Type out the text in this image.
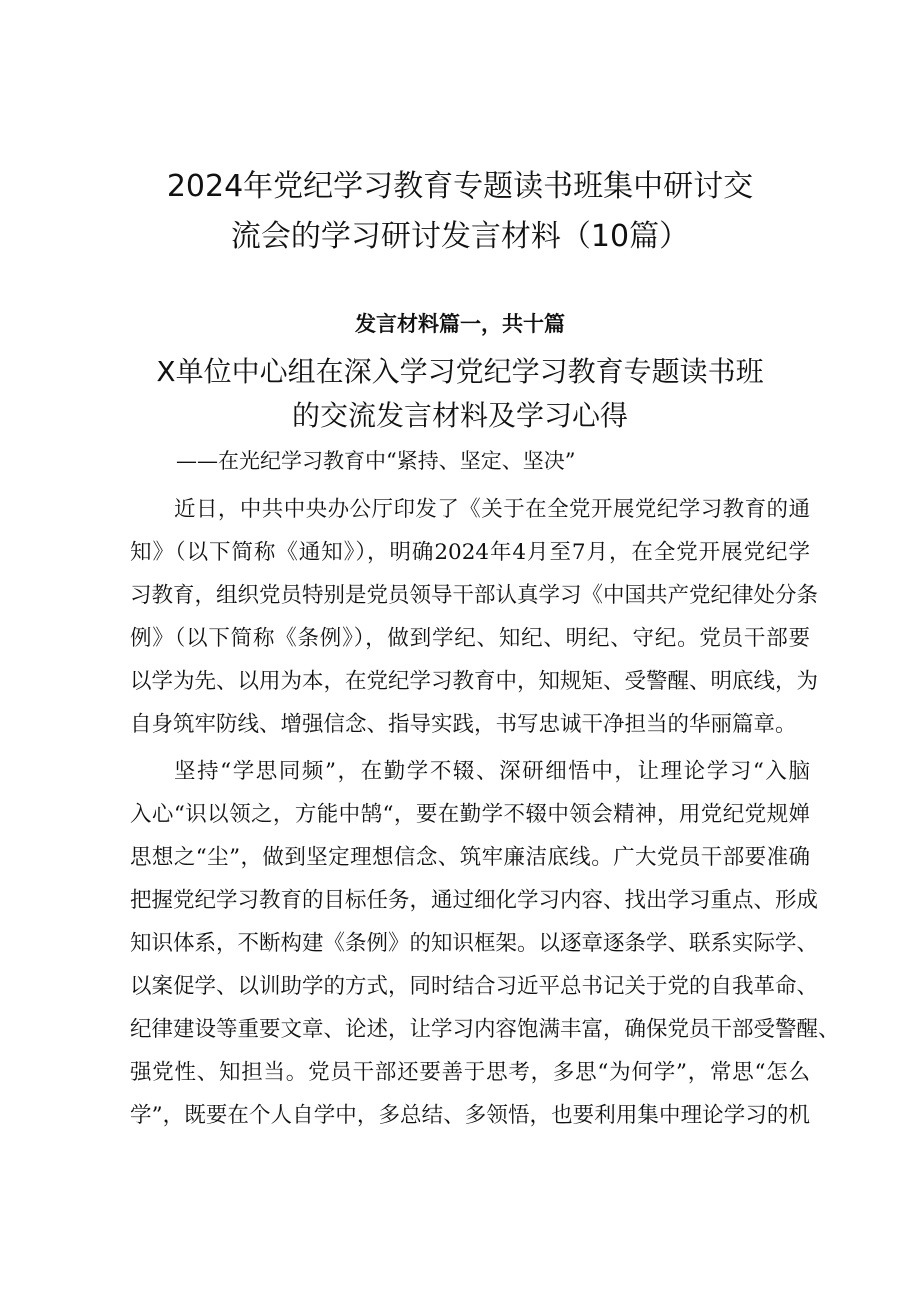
2024年党纪学习教育专题读书班集中研讨交
流会的学习研讨发言材料（10篇）
发言材料篇一，共十篇
X单位中心组在深入学习党纪学习教育专题读书班
的交流发言材料及学习心得
——在光纪学习教育中“紧持、坚定、坚决”
近日，中共中央办公厅印发了《关于在全党开展党纪学习教育的通
知》（以下简称《通知》），明确2024年4月至7月，在全党开展党纪学
习教育，组织党员特别是党员领导干部认真学习《中国共产党纪律处分条
例》（以下简称《条例》），做到学纪、知纪、明纪、守纪。党员干部要
以学为先、以用为本，在党纪学习教育中，知规矩、受警醒、明底线，为
自身筑牢防线、增强信念、指导实践，书写忠诚干净担当的华丽篇章。
坚持“学思同频”，在勤学不辍、深研细悟中，让理论学习“入脑
入心“识以领之，方能中鹄“，要在勤学不辍中领会精神，用党纪党规婵
思想之“尘”，做到坚定理想信念、筑牢廉洁底线。广大党员干部要准确
把握党纪学习教育的目标任务，通过细化学习内容、找出学习重点、形成
知识体系，不断构建《条例》的知识框架。以逐章逐条学、联系实际学、
以案促学、以训助学的方式，同时结合习近平总书记关于党的自我革命、
纪律建设等重要文章、论述，让学习内容饱满丰富，确保党员干部受警醒、
强党性、知担当。党员干部还要善于思考，多思“为何学”，常思“怎么
学”，既要在个人自学中，多总结、多领悟，也要利用集中理论学习的机
